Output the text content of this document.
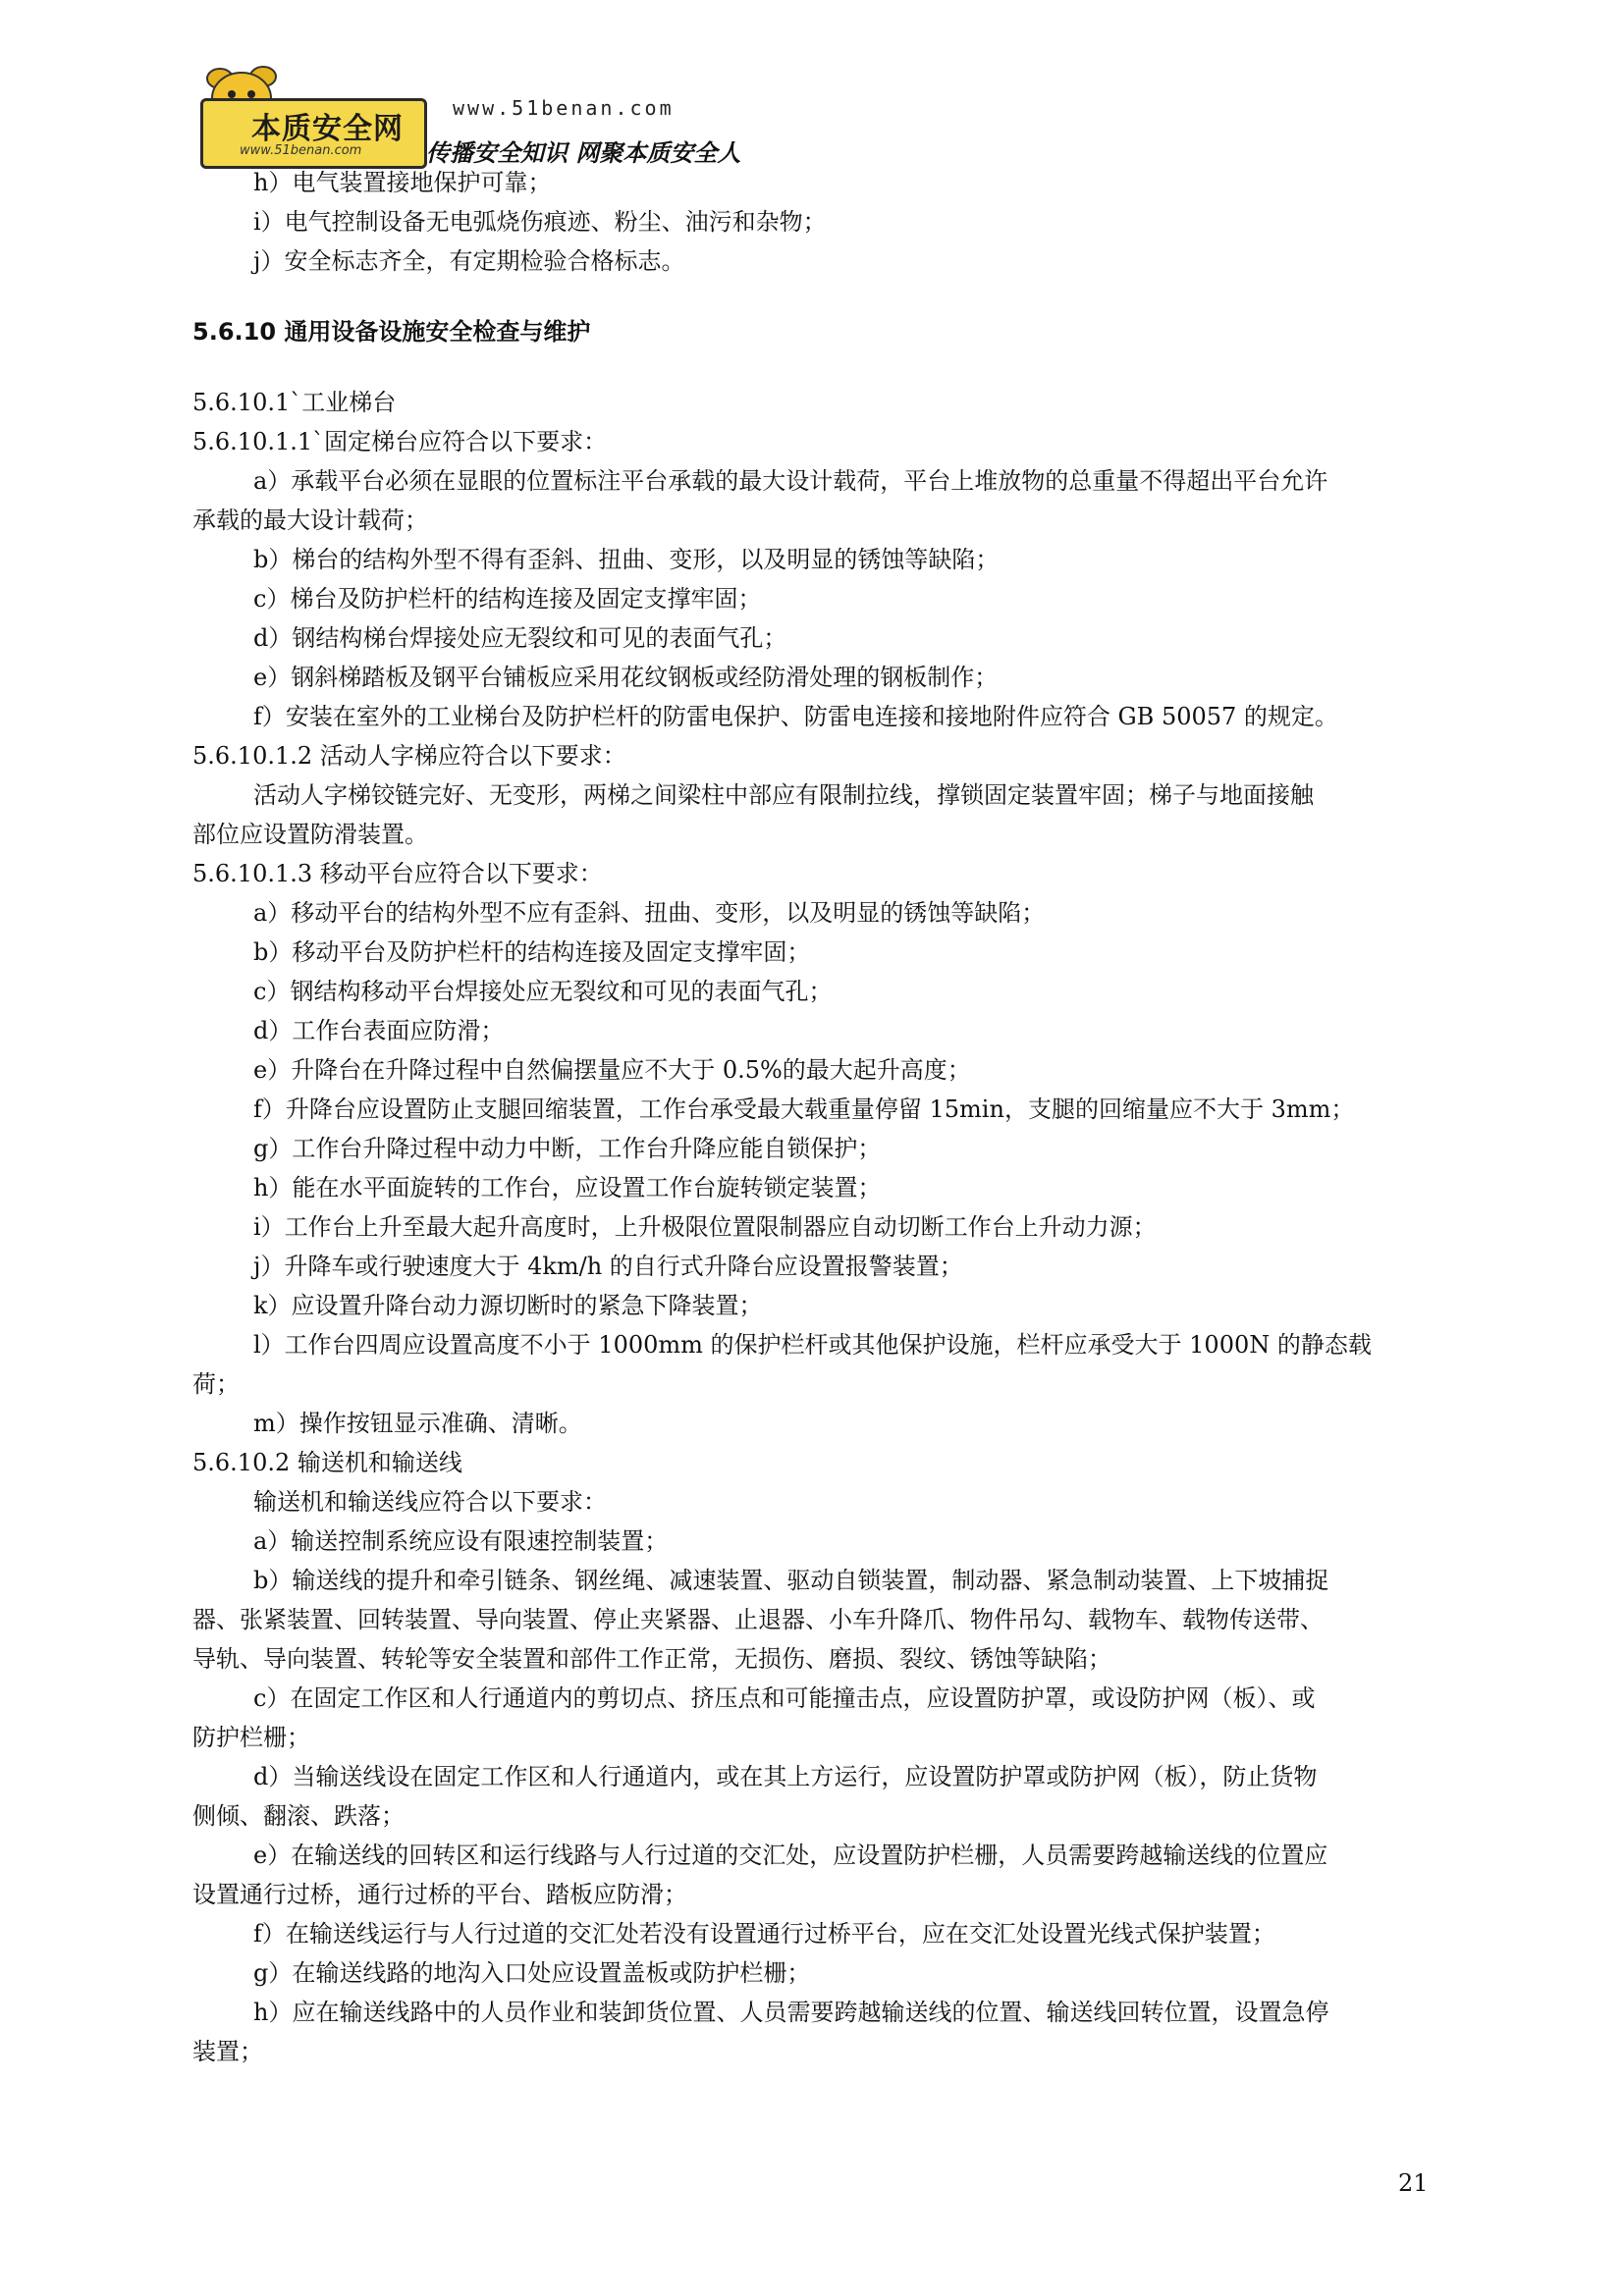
本质安全网
www.51benan.com
www.51benan.com
传播安全知识 网聚本质安全人
h）电气装置接地保护可靠；
i）电气控制设备无电弧烧伤痕迹、粉尘、油污和杂物；
j）安全标志齐全，有定期检验合格标志。
5.6.10 通用设备设施安全检查与维护
5.6.10.1`工业梯台
5.6.10.1.1`固定梯台应符合以下要求：
a）承载平台必须在显眼的位置标注平台承载的最大设计载荷，平台上堆放物的总重量不得超出平台允许
承载的最大设计载荷；
b）梯台的结构外型不得有歪斜、扭曲、变形，以及明显的锈蚀等缺陷；
c）梯台及防护栏杆的结构连接及固定支撑牢固；
d）钢结构梯台焊接处应无裂纹和可见的表面气孔；
e）钢斜梯踏板及钢平台铺板应采用花纹钢板或经防滑处理的钢板制作；
f）安装在室外的工业梯台及防护栏杆的防雷电保护、防雷电连接和接地附件应符合 GB 50057 的规定。
5.6.10.1.2 活动人字梯应符合以下要求：
活动人字梯铰链完好、无变形，两梯之间梁柱中部应有限制拉线，撑锁固定装置牢固；梯子与地面接触
部位应设置防滑装置。
5.6.10.1.3 移动平台应符合以下要求：
a）移动平台的结构外型不应有歪斜、扭曲、变形，以及明显的锈蚀等缺陷；
b）移动平台及防护栏杆的结构连接及固定支撑牢固；
c）钢结构移动平台焊接处应无裂纹和可见的表面气孔；
d）工作台表面应防滑；
e）升降台在升降过程中自然偏摆量应不大于 0.5%的最大起升高度；
f）升降台应设置防止支腿回缩装置，工作台承受最大载重量停留 15min，支腿的回缩量应不大于 3mm；
g）工作台升降过程中动力中断，工作台升降应能自锁保护；
h）能在水平面旋转的工作台，应设置工作台旋转锁定装置；
i）工作台上升至最大起升高度时，上升极限位置限制器应自动切断工作台上升动力源；
j）升降车或行驶速度大于 4km/h 的自行式升降台应设置报警装置；
k）应设置升降台动力源切断时的紧急下降装置；
l）工作台四周应设置高度不小于 1000mm 的保护栏杆或其他保护设施，栏杆应承受大于 1000N 的静态载
荷；
m）操作按钮显示准确、清晰。
5.6.10.2 输送机和输送线
输送机和输送线应符合以下要求：
a）输送控制系统应设有限速控制装置；
b）输送线的提升和牵引链条、钢丝绳、减速装置、驱动自锁装置，制动器、紧急制动装置、上下坡捕捉
器、张紧装置、回转装置、导向装置、停止夹紧器、止退器、小车升降爪、物件吊勾、载物车、载物传送带、
导轨、导向装置、转轮等安全装置和部件工作正常，无损伤、磨损、裂纹、锈蚀等缺陷；
c）在固定工作区和人行通道内的剪切点、挤压点和可能撞击点，应设置防护罩，或设防护网（板）、或
防护栏栅；
d）当输送线设在固定工作区和人行通道内，或在其上方运行，应设置防护罩或防护网（板），防止货物
侧倾、翻滚、跌落；
e）在输送线的回转区和运行线路与人行过道的交汇处，应设置防护栏栅，人员需要跨越输送线的位置应
设置通行过桥，通行过桥的平台、踏板应防滑；
f）在输送线运行与人行过道的交汇处若没有设置通行过桥平台，应在交汇处设置光线式保护装置；
g）在输送线路的地沟入口处应设置盖板或防护栏栅；
h）应在输送线路中的人员作业和装卸货位置、人员需要跨越输送线的位置、输送线回转位置，设置急停
装置；
21
